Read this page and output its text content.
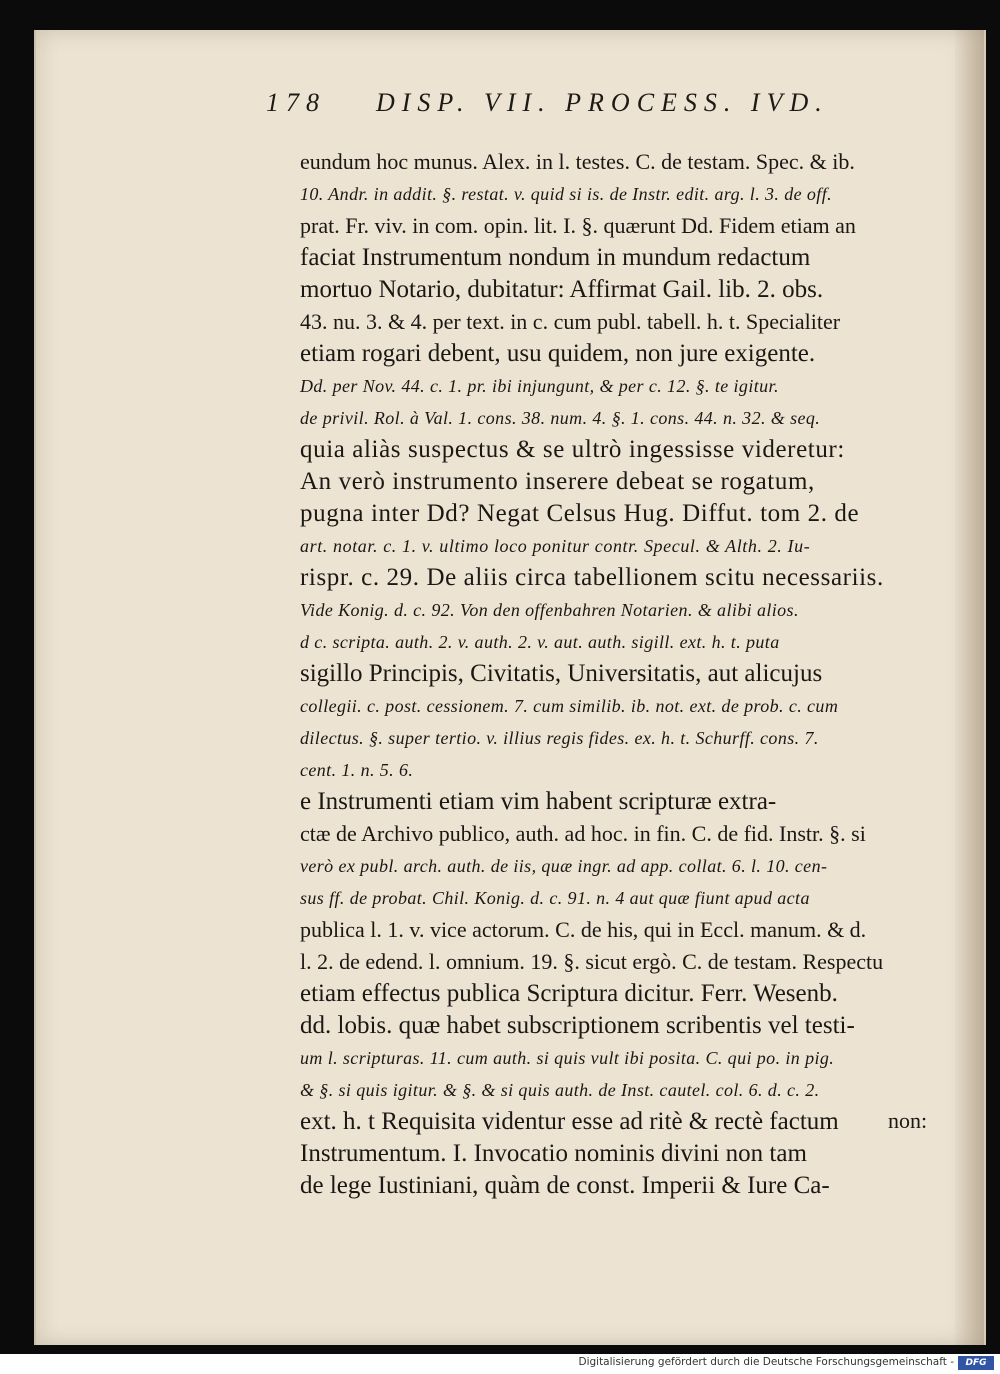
178 DISP. VII. PROCESS. IVD.
eundum hoc munus. Alex. in l. testes. C. de testam. Spec. & ib.
10. Andr. in addit. §. restat. v. quid si is. de Instr. edit. arg. l. 3. de off.
prat. Fr. viv. in com. opin. lit. I. §. quærunt Dd. Fidem etiam an
faciat Instrumentum nondum in mundum redactum
mortuo Notario, dubitatur: Affirmat Gail. lib. 2. obs.
43. nu. 3. & 4. per text. in c. cum publ. tabell. h. t. Specialiter
etiam rogari debent, usu quidem, non jure exigente.
Dd. per Nov. 44. c. 1. pr. ibi injungunt, & per c. 12. §. te igitur.
de privil. Rol. à Val. 1. cons. 38. num. 4. §. 1. cons. 44. n. 32. & seq.
quia aliàs suspectus & se ultrò ingessisse videretur:
An verò instrumento inserere debeat se rogatum,
pugna inter Dd? Negat Celsus Hug. Diffut. tom 2. de
art. notar. c. 1. v. ultimo loco ponitur contr. Specul. & Alth. 2. Iu-
rispr. c. 29. De aliis circa tabellionem scitu necessariis.
Vide Konig. d. c. 92. Von den offenbahren Notarien. & alibi alios.
d c. scripta. auth. 2. v. auth. 2. v. aut. auth. sigill. ext. h. t. puta
sigillo Principis, Civitatis, Universitatis, aut alicujus
collegii. c. post. cessionem. 7. cum similib. ib. not. ext. de prob. c. cum
dilectus. §. super tertio. v. illius regis fides. ex. h. t. Schurff. cons. 7.
cent. 1. n. 5. 6.
e Instrumenti etiam vim habent scripturæ extra-
ctæ de Archivo publico, auth. ad hoc. in fin. C. de fid. Instr. §. si
verò ex publ. arch. auth. de iis, quæ ingr. ad app. collat. 6. l. 10. cen-
sus ff. de probat. Chil. Konig. d. c. 91. n. 4 aut quæ fiunt apud acta
publica l. 1. v. vice actorum. C. de his, qui in Eccl. manum. & d.
l. 2. de edend. l. omnium. 19. §. sicut ergò. C. de testam. Respectu
etiam effectus publica Scriptura dicitur. Ferr. Wesenb.
dd. lobis. quæ habet subscriptionem scribentis vel testi-
um l. scripturas. 11. cum auth. si quis vult ibi posita. C. qui po. in pig.
& §. si quis igitur. & §. & si quis auth. de Inst. cautel. col. 6. d. c. 2.
ext. h. t Requisita videntur esse ad ritè & rectè factum
Instrumentum. I. Invocatio nominis divini non tam
de lege Iustiniani, quàm de const. Imperii & Iure Ca-
non:
Digitalisierung gefördert durch die Deutsche Forschungsgemeinschaft -	DFG
